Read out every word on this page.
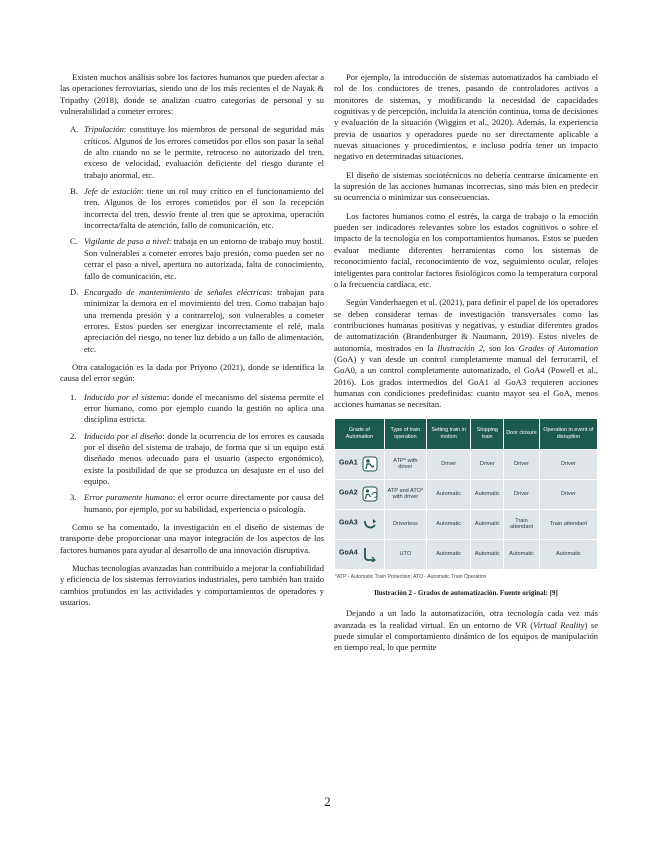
Existen muchos análisis sobre los factores humanos que pueden afectar a las operaciones ferroviarias, siendo uno de los más recientes el de Nayak & Tripathy (2018), donde se analizan cuatro categorías de personal y su vulnerabilidad a cometer errores:

A. Tripulación: constituye los miembros de personal de seguridad más críticos. Algunos de los errores cometidos por ellos son pasar la señal de alto cuando no se le permite, retroceso no autorizado del tren, exceso de velocidad, evaluación deficiente del riesgo durante el trabajo anormal, etc.
B. Jefe de estación: tiene un rol muy crítico en el funcionamiento del tren. Algunos de los errores cometidos por él son la recepción incorrecta del tren, desvío frente al tren que se aproxima, operación incorrecta/falta de atención, fallo de comunicación, etc.
C. Vigilante de paso a nivel: trabaja en un entorno de trabajo muy hostil. Son vulnerables a cometer errores bajo presión, como pueden ser no cerrar el paso a nivel, apertura no autorizada, falta de conocimiento, fallo de comunicación, etc.
D. Encargado de mantenimiento de señales eléctricas: trabajan para minimizar la demora en el movimiento del tren. Como trabajan bajo una tremenda presión y a contrarreloj, son vulnerables a cometer errores. Estos pueden ser energizar incorrectamente el relé, mala apreciación del riesgo, no tener luz debido a un fallo de alimentación, etc.

Otra catalogación es la dada por Priyono (2021), donde se identifica la causa del error según:

1. Inducido por el sistema: donde el mecanismo del sistema permite el error humano, como por ejemplo cuando la gestión no aplica una disciplina estricta.
2. Inducido por el diseño: donde la ocurrencia de los errores es causada por el diseño del sistema de trabajo, de forma que si un equipo está diseñado menos adecuado para el usuario (aspecto ergonómico), existe la posibilidad de que se produzca un desajuste en el uso del equipo.
3. Error puramente humano: el error ocurre directamente por causa del humano, por ejemplo, por su habilidad, experiencia o psicología.

Como se ha comentado, la investigación en el diseño de sistemas de transporte debe proporcionar una mayor integración de los aspectos de los factores humanos para ayudar al desarrollo de una innovación disruptiva.

Muchas tecnologías avanzadas han contribuido a mejorar la confiabilidad y eficiencia de los sistemas ferroviarios industriales, pero también han traído cambios profundos en las actividades y comportamientos de operadores y usuarios.

Por ejemplo, la introducción de sistemas automatizados ha cambiado el rol de los conductores de trenes, pasando de controladores activos a monitores de sistemas, y modificando la necesidad de capacidades cognitivas y de percepción, incluida la atención continua, toma de decisiones y evaluación de la situación (Wiggins et al., 2020). Además, la experiencia previa de usuarios y operadores puede no ser directamente aplicable a nuevas situaciones y procedimientos, e incluso podría tener un impacto negativo en determinadas situaciones.

El diseño de sistemas sociotécnicos no debería centrarse únicamente en la supresión de las acciones humanas incorrectas, sino más bien en predecir su ocurrencia o minimizar sus consecuencias.

Los factores humanos como el estrés, la carga de trabajo o la emoción pueden ser indicadores relevantes sobre los estados cognitivos o sobre el impacto de la tecnología en los comportamientos humanos. Estos se pueden evaluar mediante diferentes herramientas como los sistemas de reconocimiento facial, reconocimiento de voz, seguimiento ocular, relojes inteligentes para controlar factores fisiológicos como la temperatura corporal o la frecuencia cardíaca, etc.

Según Vanderhaegen et al. (2021), para definir el papel de los operadores se deben considerar temas de investigación transversales como las contribuciones humanas positivas y negativas, y estudiar diferentes grados de automatización (Brandenburger & Naumann, 2019). Estos niveles de autonomía, mostrados en la Ilustración 2, son los Grades of Automation (GoA) y van desde un control completamente manual del ferrocarril, el GoA0, a un control completamente automatizado, el GoA4 (Powell et al., 2016). Los grados intermedios del GoA1 al GoA3 requieren acciones humanas con condiciones predefinidas: cuanto mayor sea el GoA, menos acciones humanas se necesitan.

Grade of Automation	Type of train operation	Setting train in motion	Stopping train	Door closure	Operation in event of disruption
GoA1	ATP* with driver	Driver	Driver	Driver	Driver
GoA2	ATP and ATO* with driver	Automatic	Automatic	Driver	Driver
GoA3	Driverless	Automatic	Automatic	Train attendant	Train attendant
GoA4	UTO	Automatic	Automatic	Automatic	Automatic
*ATP - Automatic Train Protection; ATO - Automatic Train Operation
Ilustración 2 - Grados de automatización. Fuente original: [9]

Dejando a un lado la automatización, otra tecnología cada vez más avanzada es la realidad virtual. En un entorno de VR (Virtual Reality) se puede simular el comportamiento dinámico de los equipos de manipulación en tiempo real, lo que permite

2
